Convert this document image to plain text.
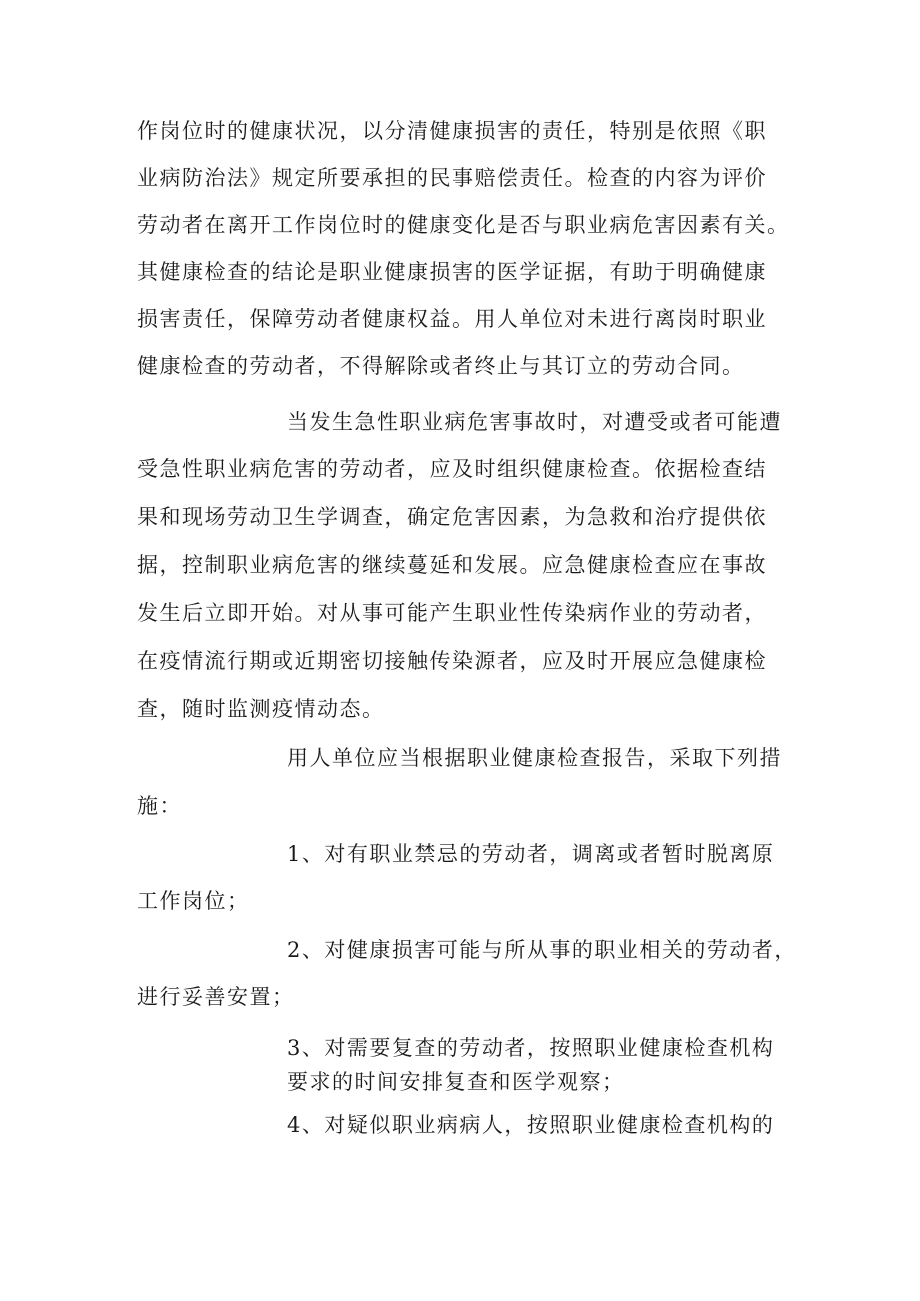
作岗位时的健康状况，以分清健康损害的责任，特别是依照《职
业病防治法》规定所要承担的民事赔偿责任。检查的内容为评价
劳动者在离开工作岗位时的健康变化是否与职业病危害因素有关。
其健康检查的结论是职业健康损害的医学证据，有助于明确健康
损害责任，保障劳动者健康权益。用人单位对未进行离岗时职业
健康检查的劳动者，不得解除或者终止与其订立的劳动合同。
当发生急性职业病危害事故时，对遭受或者可能遭
受急性职业病危害的劳动者，应及时组织健康检查。依据检查结
果和现场劳动卫生学调查，确定危害因素，为急救和治疗提供依
据，控制职业病危害的继续蔓延和发展。应急健康检查应在事故
发生后立即开始。对从事可能产生职业性传染病作业的劳动者，
在疫情流行期或近期密切接触传染源者，应及时开展应急健康检
查，随时监测疫情动态。
用人单位应当根据职业健康检查报告，采取下列措
施：
1、对有职业禁忌的劳动者，调离或者暂时脱离原
工作岗位；
2、对健康损害可能与所从事的职业相关的劳动者，
进行妥善安置；
3、对需要复查的劳动者，按照职业健康检查机构
要求的时间安排复查和医学观察；
4、对疑似职业病病人，按照职业健康检查机构的
